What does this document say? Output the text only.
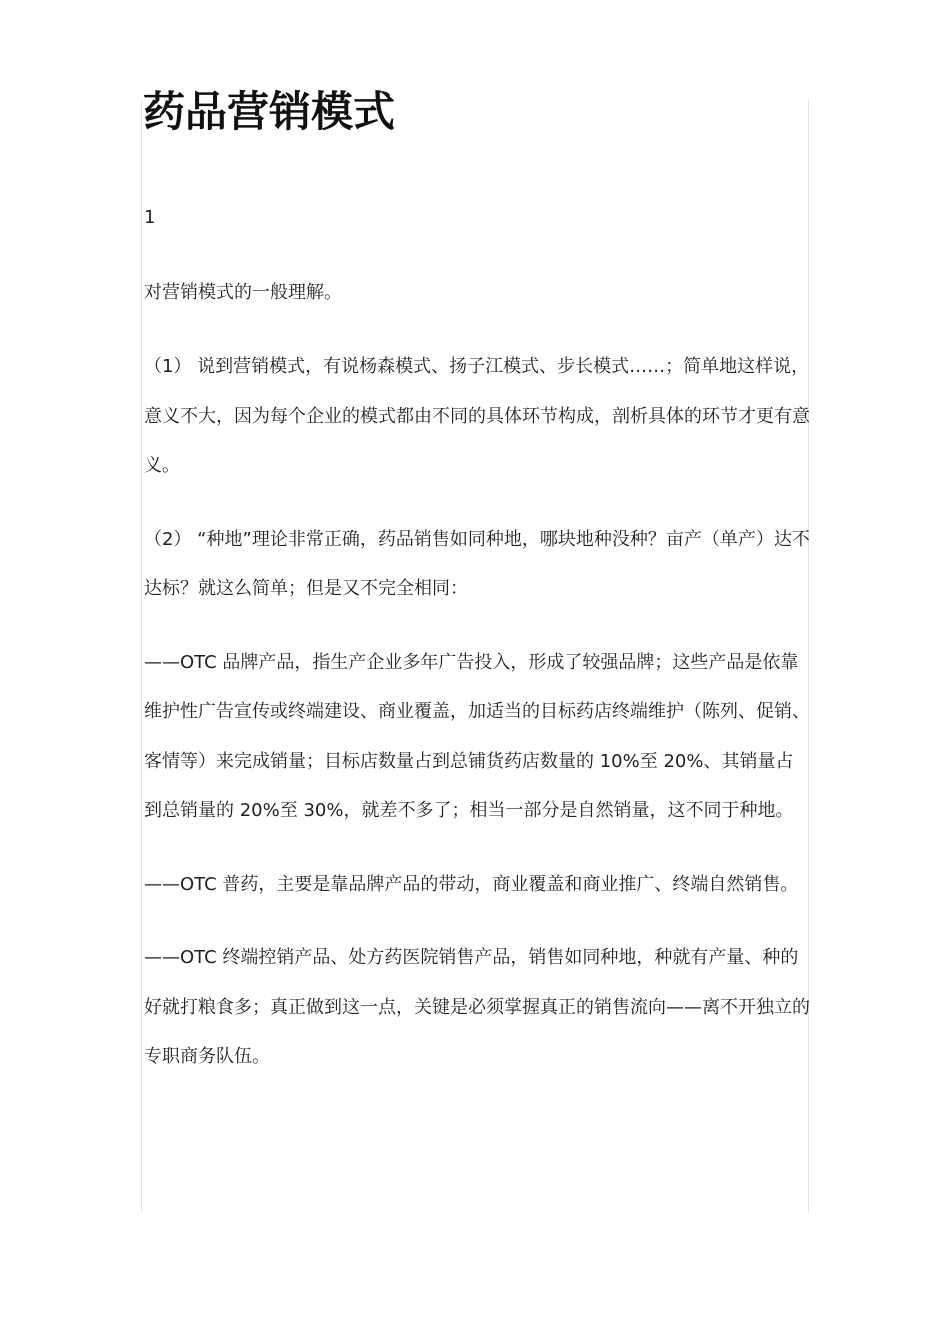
药品营销模式

1

对营销模式的一般理解。

（1） 说到营销模式，有说杨森模式、扬子江模式、步长模式……；简单地这样说，意义不大，因为每个企业的模式都由不同的具体环节构成，剖析具体的环节才更有意义。

（2） “种地”理论非常正确，药品销售如同种地，哪块地种没种？亩产（单产）达不达标？就这么简单；但是又不完全相同：

——OTC 品牌产品，指生产企业多年广告投入，形成了较强品牌；这些产品是依靠维护性广告宣传或终端建设、商业覆盖，加适当的目标药店终端维护（陈列、促销、客情等）来完成销量；目标店数量占到总铺货药店数量的 10%至 20%、其销量占到总销量的 20%至 30%，就差不多了；相当一部分是自然销量，这不同于种地。

——OTC 普药，主要是靠品牌产品的带动，商业覆盖和商业推广、终端自然销售。

——OTC 终端控销产品、处方药医院销售产品，销售如同种地，种就有产量、种的好就打粮食多；真正做到这一点，关键是必须掌握真正的销售流向——离不开独立的专职商务队伍。
